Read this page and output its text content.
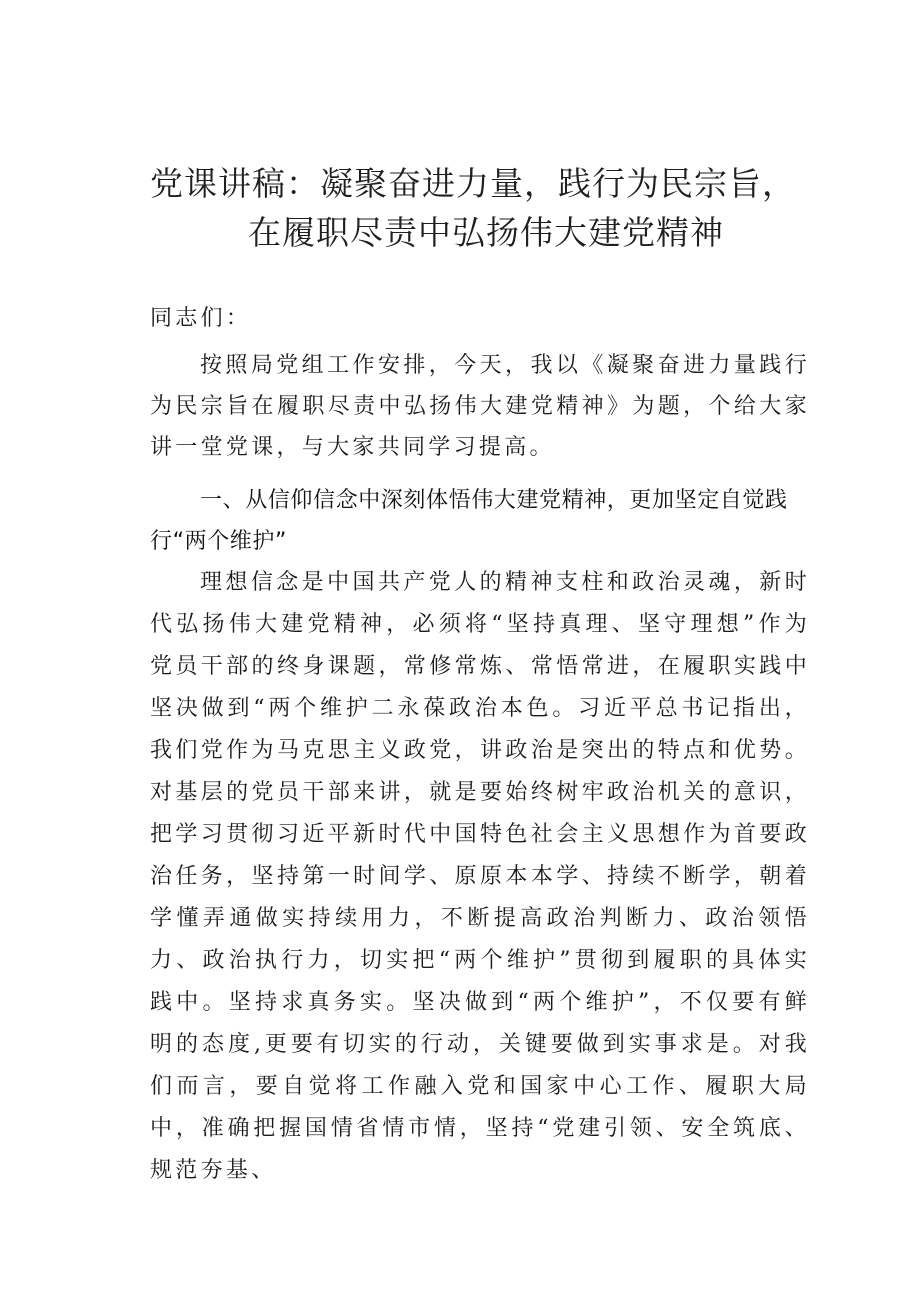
党课讲稿：凝聚奋进力量，践行为民宗旨，
在履职尽责中弘扬伟大建党精神
同志们：
按照局党组工作安排，今天，我以《凝聚奋进力量践行为民宗旨在履职尽责中弘扬伟大建党精神》为题，个给大家讲一堂党课，与大家共同学习提高。
一、从信仰信念中深刻体悟伟大建党精神，更加坚定自觉践行“两个维护”
理想信念是中国共产党人的精神支柱和政治灵魂，新时代弘扬伟大建党精神，必须将“坚持真理、坚守理想”作为党员干部的终身课题，常修常炼、常悟常进，在履职实践中坚决做到“两个维护二永葆政治本色。习近平总书记指出，我们党作为马克思主义政党，讲政治是突出的特点和优势。对基层的党员干部来讲，就是要始终树牢政治机关的意识，把学习贯彻习近平新时代中国特色社会主义思想作为首要政治任务，坚持第一时间学、原原本本学、持续不断学，朝着学懂弄通做实持续用力，不断提高政治判断力、政治领悟力、政治执行力，切实把“两个维护”贯彻到履职的具体实践中。坚持求真务实。坚决做到“两个维护”，不仅要有鲜明的态度,更要有切实的行动，关键要做到实事求是。对我们而言，要自觉将工作融入党和国家中心工作、履职大局中，准确把握国情省情市情，坚持“党建引领、安全筑底、规范夯基、
